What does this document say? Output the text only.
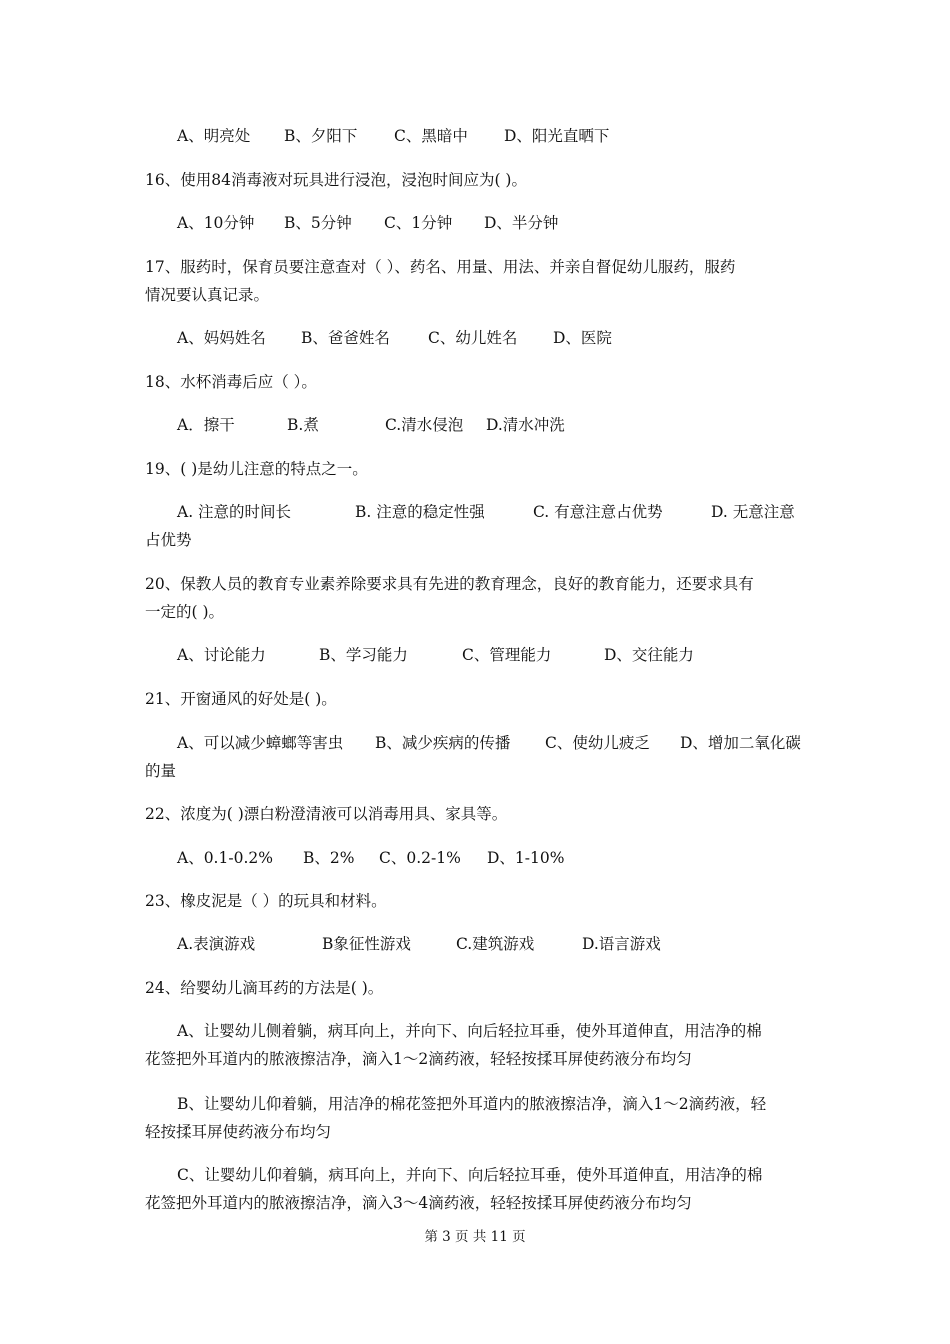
A、明亮处 B、夕阳下 C、黑暗中 D、阳光直晒下
16、使用84消毒液对玩具进行浸泡，浸泡时间应为( )。
A、10分钟 B、5分钟 C、1分钟 D、半分钟
17、服药时，保育员要注意查对（ ）、药名、用量、用法、并亲自督促幼儿服药，服药
情况要认真记录。
A、妈妈姓名 B、爸爸姓名 C、幼儿姓名 D、医院
18、水杯消毒后应（ ）。
A．擦干	B.煮	C.清水侵泡 D.清水冲洗
19、( )是幼儿注意的特点之一。
A. 注意的时间长	B. 注意的稳定性强	C. 有意注意占优势	D. 无意注意
占优势
20、保教人员的教育专业素养除要求具有先进的教育理念，良好的教育能力，还要求具有
一定的( )。
A、讨论能力	B、学习能力	C、管理能力	D、交往能力
21、开窗通风的好处是( )。
A、可以减少蟑螂等害虫 B、减少疾病的传播 C、使幼儿疲乏 D、增加二氧化碳
的量
22、浓度为( )漂白粉澄清液可以消毒用具、家具等。
A、0.1-0.2% B、2% C、0.2-1% D、1-10%
23、橡皮泥是（ ）的玩具和材料。
A.表演游戏	B象征性游戏	C.建筑游戏	D.语言游戏
24、给婴幼儿滴耳药的方法是( )。
A、让婴幼儿侧着躺，病耳向上，并向下、向后轻拉耳垂，使外耳道伸直，用洁净的棉
花签把外耳道内的脓液擦洁净，滴入1～2滴药液，轻轻按揉耳屏使药液分布均匀
B、让婴幼儿仰着躺，用洁净的棉花签把外耳道内的脓液擦洁净，滴入1～2滴药液，轻
轻按揉耳屏使药液分布均匀
C、让婴幼儿仰着躺，病耳向上，并向下、向后轻拉耳垂，使外耳道伸直，用洁净的棉
花签把外耳道内的脓液擦洁净，滴入3～4滴药液，轻轻按揉耳屏使药液分布均匀
第 3 页 共 11 页
